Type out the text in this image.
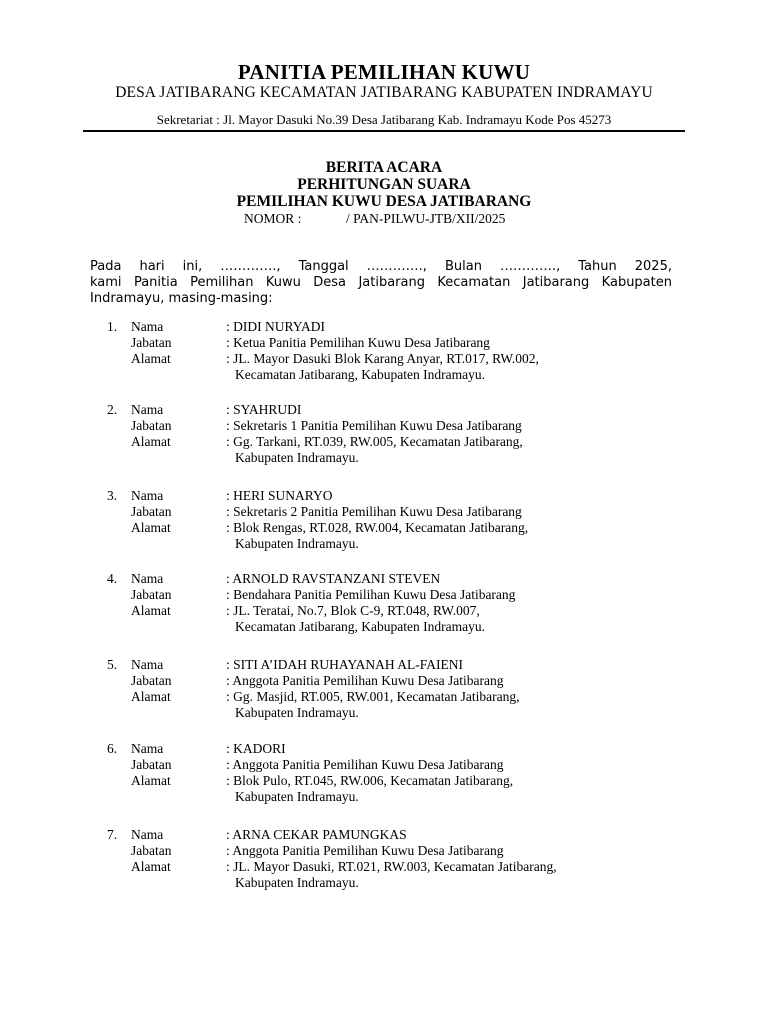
PANITIA PEMILIHAN KUWU
DESA JATIBARANG KECAMATAN JATIBARANG KABUPATEN INDRAMAYU
Sekretariat : Jl. Mayor Dasuki No.39 Desa Jatibarang Kab. Indramayu Kode Pos 45273
BERITA ACARA
PERHITUNGAN SUARA
PEMILIHAN KUWU DESA JATIBARANG
NOMOR :	/ PAN-PILWU-JTB/XII/2025
Pada hari ini, …………., Tanggal …………., Bulan …………., Tahun 2025,
kami Panitia Pemilihan Kuwu Desa Jatibarang Kecamatan Jatibarang Kabupaten
Indramayu, masing-masing:
1. Nama	: DIDI NURYADI
Jabatan	: Ketua Panitia Pemilihan Kuwu Desa Jatibarang
Alamat	: JL. Mayor Dasuki Blok Karang Anyar, RT.017, RW.002,
Kecamatan Jatibarang, Kabupaten Indramayu.
2. Nama	: SYAHRUDI
Jabatan	: Sekretaris 1 Panitia Pemilihan Kuwu Desa Jatibarang
Alamat	: Gg. Tarkani, RT.039, RW.005, Kecamatan Jatibarang,
Kabupaten Indramayu.
3. Nama	: HERI SUNARYO
Jabatan	: Sekretaris 2 Panitia Pemilihan Kuwu Desa Jatibarang
Alamat	: Blok Rengas, RT.028, RW.004, Kecamatan Jatibarang,
Kabupaten Indramayu.
4. Nama	: ARNOLD RAVSTANZANI STEVEN
Jabatan	: Bendahara Panitia Pemilihan Kuwu Desa Jatibarang
Alamat	: JL. Teratai, No.7, Blok C-9, RT.048, RW.007,
Kecamatan Jatibarang, Kabupaten Indramayu.
5. Nama	: SITI A’IDAH RUHAYANAH AL-FAIENI
Jabatan	: Anggota Panitia Pemilihan Kuwu Desa Jatibarang
Alamat	: Gg. Masjid, RT.005, RW.001, Kecamatan Jatibarang,
Kabupaten Indramayu.
6. Nama	: KADORI
Jabatan	: Anggota Panitia Pemilihan Kuwu Desa Jatibarang
Alamat	: Blok Pulo, RT.045, RW.006, Kecamatan Jatibarang,
Kabupaten Indramayu.
7. Nama	: ARNA CEKAR PAMUNGKAS
Jabatan	: Anggota Panitia Pemilihan Kuwu Desa Jatibarang
Alamat	: JL. Mayor Dasuki, RT.021, RW.003, Kecamatan Jatibarang,
Kabupaten Indramayu.
